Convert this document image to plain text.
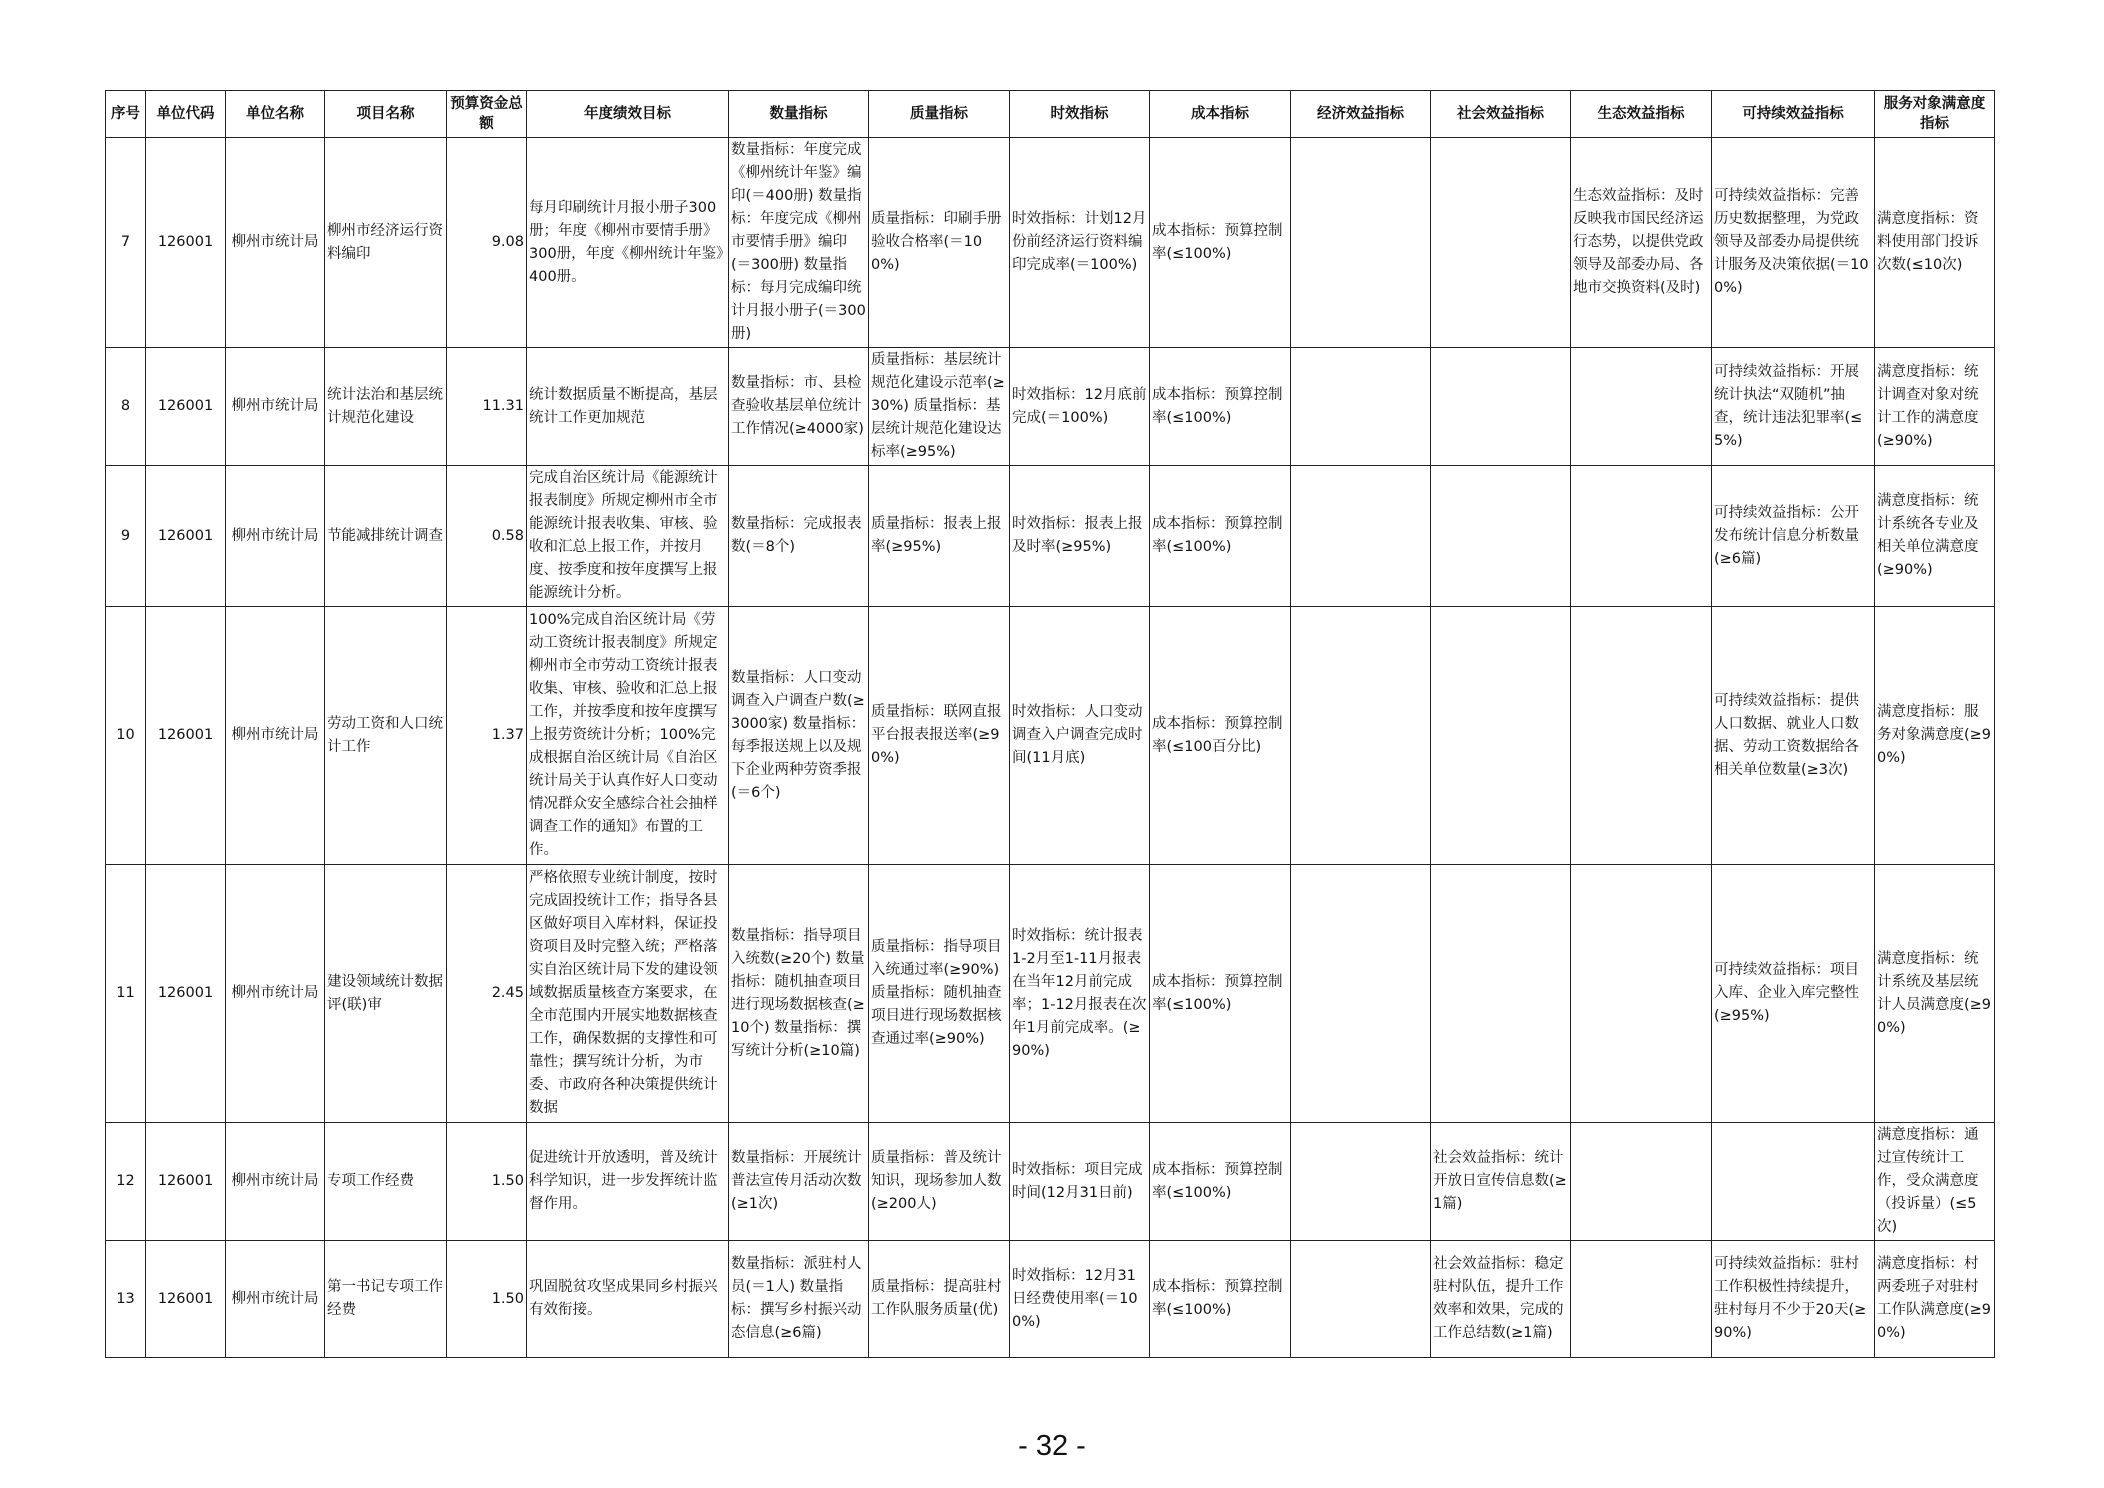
序号	单位代码	单位名称	项目名称	预算资金总额	年度绩效目标	数量指标	质量指标	时效指标	成本指标	经济效益指标	社会效益指标	生态效益指标	可持续效益指标	服务对象满意度指标
7	126001	柳州市统计局	柳州市经济运行资料编印	9.08	每月印刷统计月报小册子300册；年度《柳州市要情手册》300册，年度《柳州统计年鉴》400册。	数量指标：年度完成《柳州统计年鉴》编印(＝400册) 数量指标：年度完成《柳州市要情手册》编印(＝300册) 数量指标：每月完成编印统计月报小册子(＝300册)	质量指标：印刷手册验收合格率(＝100%)	时效指标：计划12月份前经济运行资料编印完成率(＝100%)	成本指标：预算控制率(≤100%)			生态效益指标：及时反映我市国民经济运行态势，以提供党政领导及部委办局、各地市交换资料(及时)	可持续效益指标：完善历史数据整理，为党政领导及部委办局提供统计服务及决策依据(＝100%)	满意度指标：资料使用部门投诉次数(≤10次)
8	126001	柳州市统计局	统计法治和基层统计规范化建设	11.31	统计数据质量不断提高，基层统计工作更加规范	数量指标：市、县检查验收基层单位统计工作情况(≥4000家)	质量指标：基层统计规范化建设示范率(≥30%) 质量指标：基层统计规范化建设达标率(≥95%)	时效指标：12月底前完成(＝100%)	成本指标：预算控制率(≤100%)				可持续效益指标：开展统计执法“双随机”抽查，统计违法犯罪率(≤5%)	满意度指标：统计调查对象对统计工作的满意度(≥90%)
9	126001	柳州市统计局	节能减排统计调查	0.58	完成自治区统计局《能源统计报表制度》所规定柳州市全市能源统计报表收集、审核、验收和汇总上报工作，并按月度、按季度和按年度撰写上报能源统计分析。	数量指标：完成报表数(＝8个)	质量指标：报表上报率(≥95%)	时效指标：报表上报及时率(≥95%)	成本指标：预算控制率(≤100%)				可持续效益指标：公开发布统计信息分析数量(≥6篇)	满意度指标：统计系统各专业及相关单位满意度(≥90%)
10	126001	柳州市统计局	劳动工资和人口统计工作	1.37	100%完成自治区统计局《劳动工资统计报表制度》所规定柳州市全市劳动工资统计报表收集、审核、验收和汇总上报工作，并按季度和按年度撰写上报劳资统计分析；100%完成根据自治区统计局《自治区统计局关于认真作好人口变动情况群众安全感综合社会抽样调查工作的通知》布置的工作。	数量指标：人口变动调查入户调查户数(≥3000家) 数量指标：每季报送规上以及规下企业两种劳资季报(＝6个)	质量指标：联网直报平台报表报送率(≥90%)	时效指标：人口变动调查入户调查完成时间(11月底)	成本指标：预算控制率(≤100百分比)				可持续效益指标：提供人口数据、就业人口数据、劳动工资数据给各相关单位数量(≥3次)	满意度指标：服务对象满意度(≥90%)
11	126001	柳州市统计局	建设领域统计数据评(联)审	2.45	严格依照专业统计制度，按时完成固投统计工作；指导各县区做好项目入库材料，保证投资项目及时完整入统；严格落实自治区统计局下发的建设领域数据质量核查方案要求，在全市范围内开展实地数据核查工作，确保数据的支撑性和可靠性；撰写统计分析，为市委、市政府各种决策提供统计数据	数量指标：指导项目入统数(≥20个) 数量指标：随机抽查项目进行现场数据核查(≥10个) 数量指标：撰写统计分析(≥10篇)	质量指标：指导项目入统通过率(≥90%) 质量指标：随机抽查项目进行现场数据核查通过率(≥90%)	时效指标：统计报表1-2月至1-11月报表在当年12月前完成率；1-12月报表在次年1月前完成率。(≥90%)	成本指标：预算控制率(≤100%)				可持续效益指标：项目入库、企业入库完整性(≥95%)	满意度指标：统计系统及基层统计人员满意度(≥90%)
12	126001	柳州市统计局	专项工作经费	1.50	促进统计开放透明，普及统计科学知识，进一步发挥统计监督作用。	数量指标：开展统计普法宣传月活动次数(≥1次)	质量指标：普及统计知识，现场参加人数(≥200人)	时效指标：项目完成时间(12月31日前)	成本指标：预算控制率(≤100%)		社会效益指标：统计开放日宣传信息数(≥1篇)			满意度指标：通过宣传统计工作，受众满意度（投诉量）(≤5次)
13	126001	柳州市统计局	第一书记专项工作经费	1.50	巩固脱贫攻坚成果同乡村振兴有效衔接。	数量指标：派驻村人员(＝1人) 数量指标：撰写乡村振兴动态信息(≥6篇)	质量指标：提高驻村工作队服务质量(优)	时效指标：12月31日经费使用率(＝100%)	成本指标：预算控制率(≤100%)		社会效益指标：稳定驻村队伍，提升工作效率和效果，完成的工作总结数(≥1篇)		可持续效益指标：驻村工作积极性持续提升，驻村每月不少于20天(≥90%)	满意度指标：村两委班子对驻村工作队满意度(≥90%)
- 32 -
